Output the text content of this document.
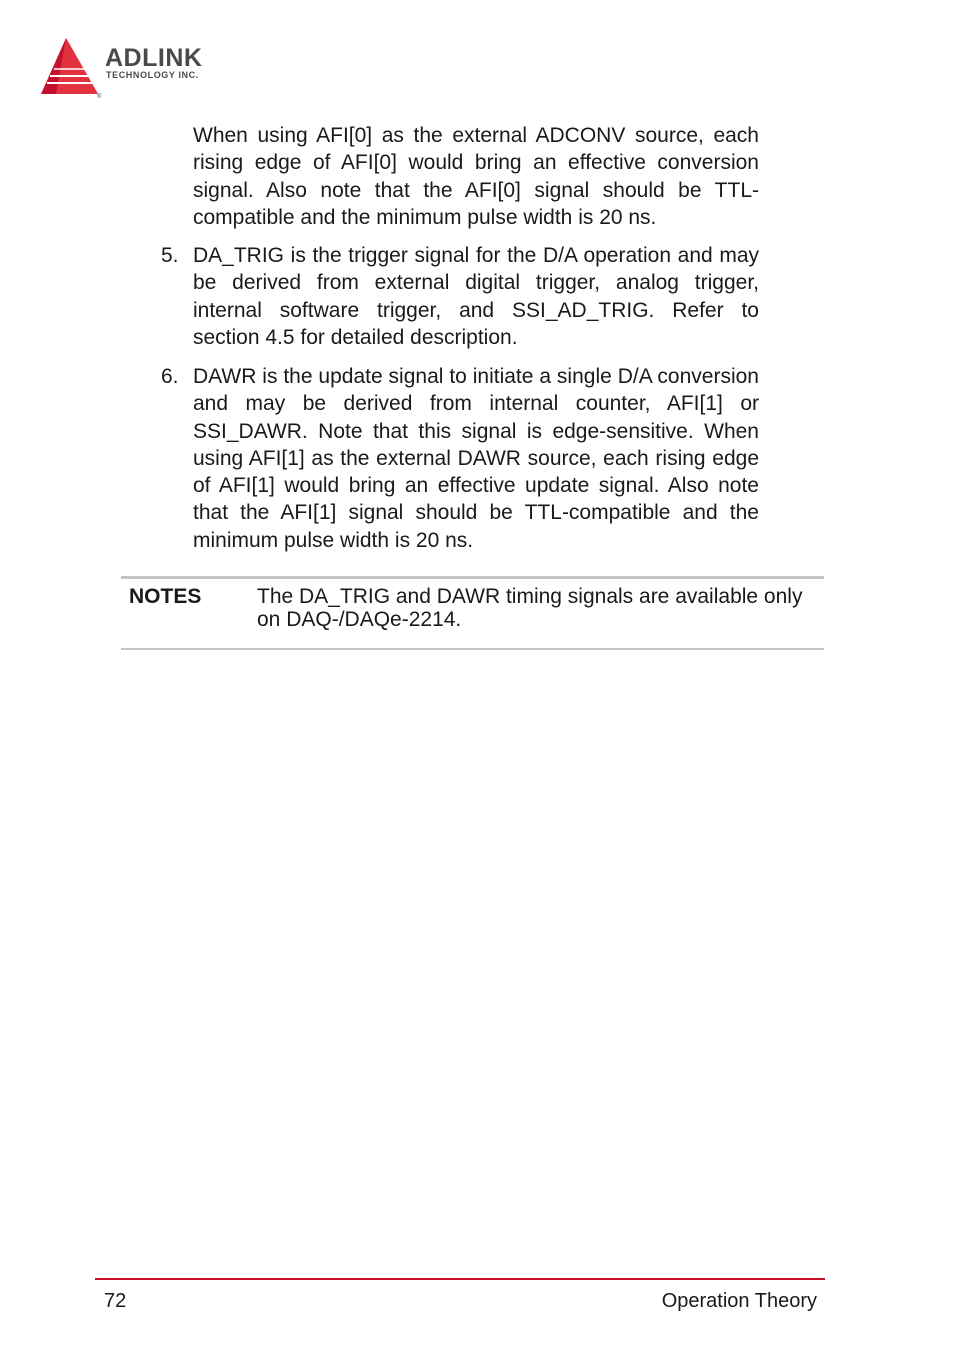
®
ADLINK
TECHNOLOGY INC.

When using AFI[0] as the external ADCONV source, each rising edge of AFI[0] would bring an effective conversion signal. Also note that the AFI[0] signal should be TTL-compatible and the minimum pulse width is 20 ns.

5. DA_TRIG is the trigger signal for the D/A operation and may be derived from external digital trigger, analog trigger, internal software trigger, and SSI_AD_TRIG. Refer to section 4.5 for detailed description.

6. DAWR is the update signal to initiate a single D/A conversion and may be derived from internal counter, AFI[1] or SSI_DAWR. Note that this signal is edge-sensitive. When using AFI[1] as the external DAWR source, each rising edge of AFI[1] would bring an effective update signal. Also note that the AFI[1] signal should be TTL-compatible and the minimum pulse width is 20 ns.

NOTES	The DA_TRIG and DAWR timing signals are available only on DAQ-/DAQe-2214.

72	Operation Theory
